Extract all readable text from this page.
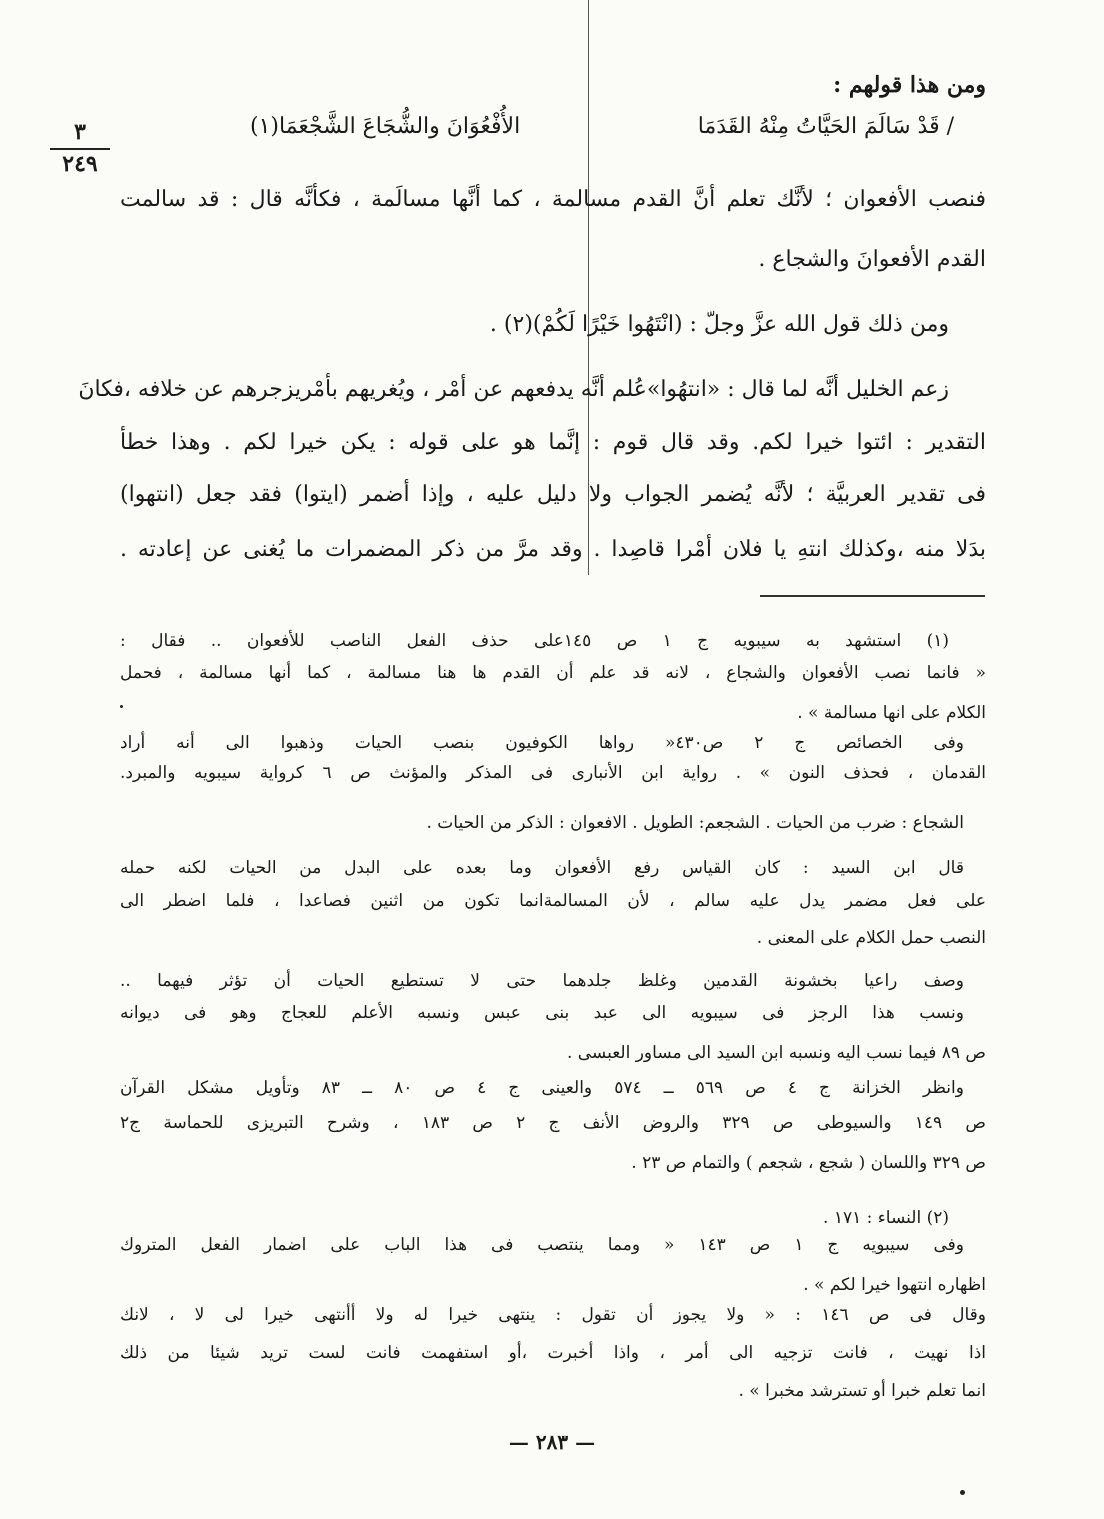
٣
٢٤٩
ومن هذا قولهم :
/ قَدْ سَالَمَ الحَيَّاتُ مِنْهُ القَدَمَا
الأُفْعُوَانَ والشُّجَاعَ الشَّجْعَمَا(١)
فنصب الأفعوان ؛ لأنَّك تعلم أنَّ القدم مسالمة ، كما أنَّها مسالَمة ، فكأنَّه قال : قد سالمت
القدم الأفعوانَ والشجاع .
ومن ذلك قول الله عزَّ وجلّ : (انْتَهُوا خَيْرًا لَكُمْ)(٢) .
زعم الخليل أنَّه لما قال : «انتهُوا»عُلم أنَّه يدفعهم عن أمْر ، ويُغريهم بأمْريزجرهم عن خلافه ،فكانَ
التقدير : ائتوا خيرا لكم. وقد قال قوم : إنَّما هو على قوله : يكن خيرا لكم . وهذا خطأ
فى تقدير العربيَّة ؛ لأنَّه يُضمر الجواب ولا دليل عليه ، وإذا أضمر (ايتوا) فقد جعل (انتهوا)
بدَلا منه ،وكذلك انتهِ يا فلان أمْرا قاصِدا . وقد مرَّ من ذكر المضمرات ما يُغنى عن إعادته .
(١) استشهد به سيبويه ج ١ ص ١٤٥على حذف الفعل الناصب للأفعوان .. فقال :
« فانما نصب الأفعوان والشجاع ، لانه قد علم أن القدم ها هنا مسالمة ، كما أنها مسالمة ، فحمل
الكلام على انها مسالمة » .
وفى الخصائص ج ٢ ص٤٣٠« رواها الكوفيون بنصب الحيات وذهبوا الى أنه أراد
القدمان ، فحذف النون » . رواية ابن الأنبارى فى المذكر والمؤنث ص ٦ كرواية سيبويه والمبرد.
الشجاع : ضرب من الحيات . الشجعم: الطويل . الافعوان : الذكر من الحيات .
قال ابن السيد : كان القياس رفع الأفعوان وما بعده على البدل من الحيات لكنه حمله
على فعل مضمر يدل عليه سالم ، لأن المسالمةانما تكون من اثنين فصاعدا ، فلما اضطر الى
النصب حمل الكلام على المعنى .
وصف راعيا بخشونة القدمين وغلظ جلدهما حتى لا تستطيع الحيات أن تؤثر فيهما ..
ونسب هذا الرجز فى سيبويه الى عبد بنى عبس ونسبه الأعلم للعجاج وهو فى ديوانه
ص ٨٩ فيما نسب اليه ونسبه ابن السيد الى مساور العبسى .
وانظر الخزانة ج ٤ ص ٥٦٩ ــ ٥٧٤ والعينى ج ٤ ص ٨٠ ــ ٨٣ وتأويل مشكل القرآن
ص ١٤٩ والسيوطى ص ٣٢٩ والروض الأنف ج ٢ ص ١٨٣ ، وشرح التبريزى للحماسة ج٢
ص ٣٢٩ واللسان ( شجع ، شجعم ) والتمام ص ٢٣ .
(٢) النساء : ١٧١ .
وفى سيبويه ج ١ ص ١٤٣ « ومما ينتصب فى هذا الباب على اضمار الفعل المتروك
اظهاره انتهوا خيرا لكم » .
وقال فى ص ١٤٦ : « ولا يجوز أن تقول : ينتهى خيرا له ولا أأنتهى خيرا لى لا ، لانك
اذا نهيت ، فانت تزجيه الى أمر ، واذا أخبرت ،أو استفهمت فانت لست تريد شيئا من ذلك
انما تعلم خبرا أو تسترشد مخبرا » .
— ٢٨٣ —
